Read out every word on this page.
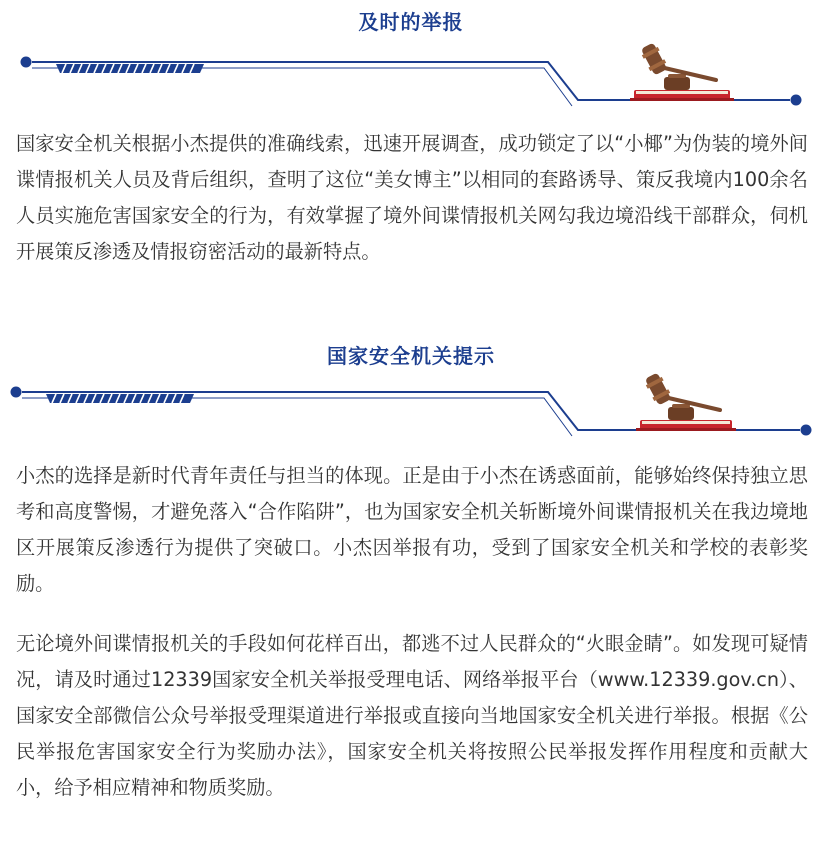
及时的举报

国家安全机关根据小杰提供的准确线索，迅速开展调查，成功锁定了以“小椰”为伪装的境外间谍情报机关人员及背后组织，查明了这位“美女博主”以相同的套路诱导、策反我境内100余名人员实施危害国家安全的行为，有效掌握了境外间谍情报机关网勾我边境沿线干部群众，伺机开展策反渗透及情报窃密活动的最新特点。

国家安全机关提示

小杰的选择是新时代青年责任与担当的体现。正是由于小杰在诱惑面前，能够始终保持独立思考和高度警惕，才避免落入“合作陷阱”，也为国家安全机关斩断境外间谍情报机关在我边境地区开展策反渗透行为提供了突破口。小杰因举报有功，受到了国家安全机关和学校的表彰奖励。

无论境外间谍情报机关的手段如何花样百出，都逃不过人民群众的“火眼金睛”。如发现可疑情况，请及时通过12339国家安全机关举报受理电话、网络举报平台（www.12339.gov.cn）、国家安全部微信公众号举报受理渠道进行举报或直接向当地国家安全机关进行举报。根据《公民举报危害国家安全行为奖励办法》，国家安全机关将按照公民举报发挥作用程度和贡献大小，给予相应精神和物质奖励。
